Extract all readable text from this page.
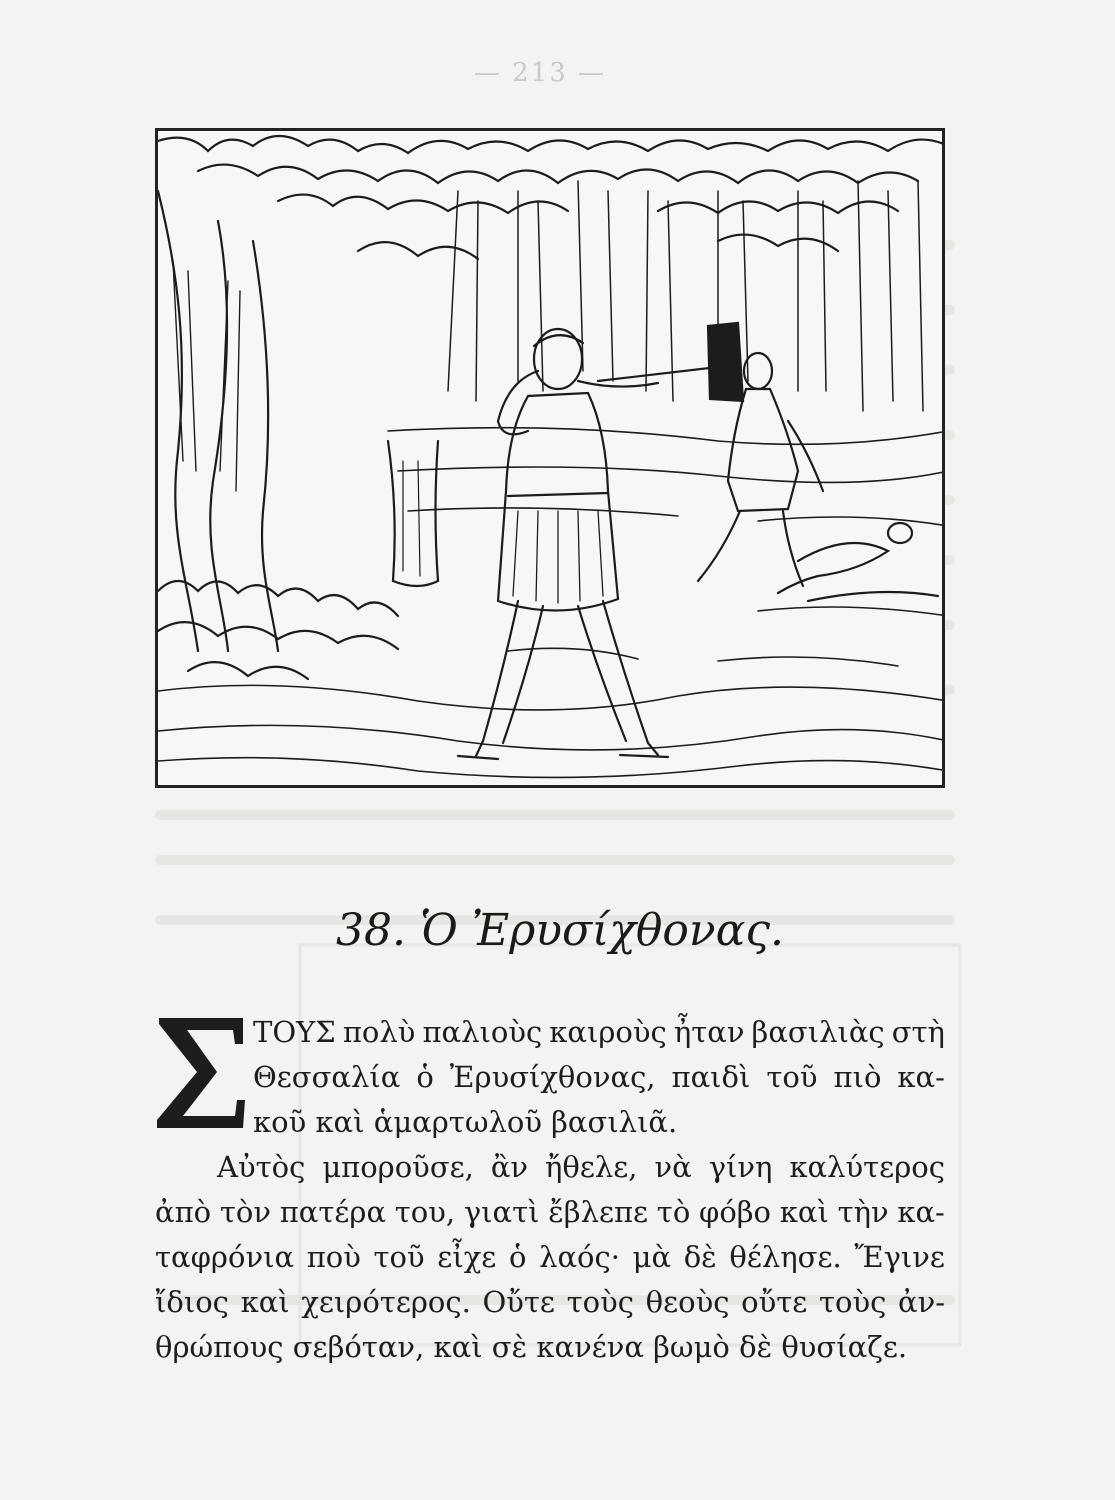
— 213 —
38. Ὁ Ἐρυσίχθονας.
ΤΟΥΣ πολὺ παλιοὺς καιροὺς ἦταν βασιλιὰς στὴ
Θεσσαλία ὁ Ἐρυσίχθονας, παιδὶ τοῦ πιὸ κα-
κοῦ καὶ ἁμαρτωλοῦ βασιλιᾶ.
Αὐτὸς μποροῦσε, ἂν ἤθελε, νὰ γίνη καλύτερος
ἀπὸ τὸν πατέρα του, γιατὶ ἔβλεπε τὸ φόβο καὶ τὴν κα-
ταφρόνια ποὺ τοῦ εἶχε ὁ λαός· μὰ δὲ θέλησε. Ἔγινε
ἴδιος καὶ χειρότερος. Οὔτε τοὺς θεοὺς οὔτε τοὺς ἀν-
θρώπους σεβόταν, καὶ σὲ κανένα βωμὸ δὲ θυσίαζε.
